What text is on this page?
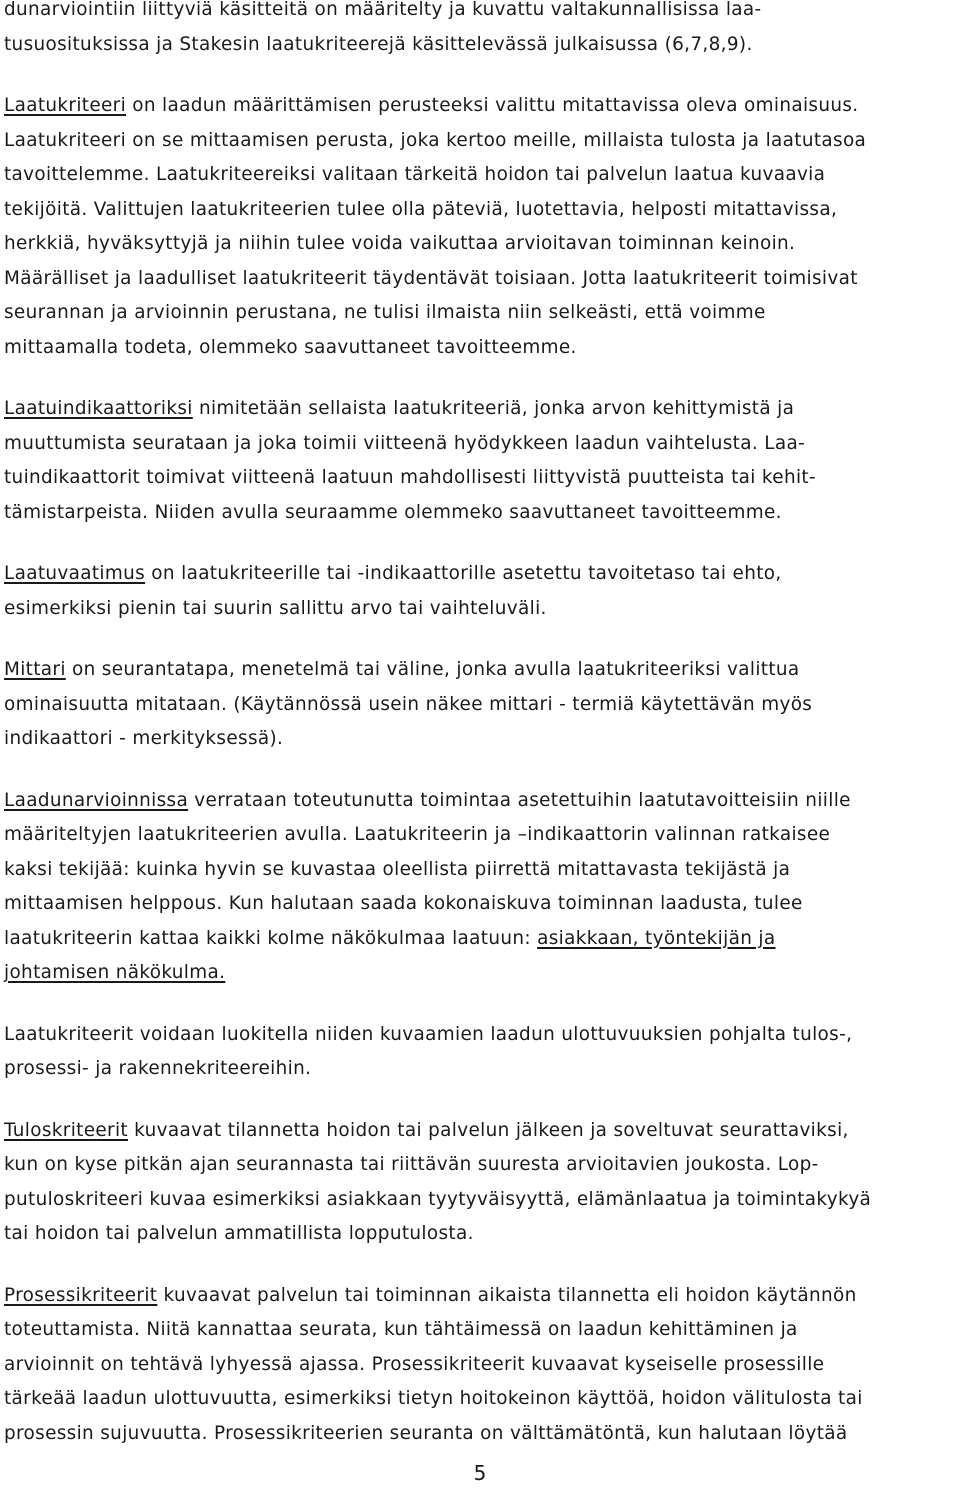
dunarviointiin liittyviä käsitteitä on määritelty ja kuvattu valtakunnallisissa laa-
tusuosituksissa ja Stakesin laatukriteerejä käsittelevässä julkaisussa (6,7,8,9).

Laatukriteeri on laadun määrittämisen perusteeksi valittu mitattavissa oleva ominaisuus.
Laatukriteeri on se mittaamisen perusta, joka kertoo meille, millaista tulosta ja laatutasoa
tavoittelemme. Laatukriteereiksi valitaan tärkeitä hoidon tai palvelun laatua kuvaavia
tekijöitä. Valittujen laatukriteerien tulee olla päteviä, luotettavia, helposti mitattavissa,
herkkiä, hyväksyttyjä ja niihin tulee voida vaikuttaa arvioitavan toiminnan keinoin.
Määrälliset ja laadulliset laatukriteerit täydentävät toisiaan. Jotta laatukriteerit toimisivat
seurannan ja arvioinnin perustana, ne tulisi ilmaista niin selkeästi, että voimme
mittaamalla todeta, olemmeko saavuttaneet tavoitteemme.

Laatuindikaattoriksi nimitetään sellaista laatukriteeriä, jonka arvon kehittymistä ja
muuttumista seurataan ja joka toimii viitteenä hyödykkeen laadun vaihtelusta. Laa-
tuindikaattorit toimivat viitteenä laatuun mahdollisesti liittyvistä puutteista tai kehit-
tämistarpeista. Niiden avulla seuraamme olemmeko saavuttaneet tavoitteemme.

Laatuvaatimus on laatukriteerille tai -indikaattorille asetettu tavoitetaso tai ehto,
esimerkiksi pienin tai suurin sallittu arvo tai vaihteluväli.

Mittari on seurantatapa, menetelmä tai väline, jonka avulla laatukriteeriksi valittua
ominaisuutta mitataan. (Käytännössä usein näkee mittari - termiä käytettävän myös
indikaattori - merkityksessä).

Laadunarvioinnissa verrataan toteutunutta toimintaa asetettuihin laatutavoitteisiin niille
määriteltyjen laatukriteerien avulla. Laatukriteerin ja –indikaattorin valinnan ratkaisee
kaksi tekijää: kuinka hyvin se kuvastaa oleellista piirrettä mitattavasta tekijästä ja
mittaamisen helppous. Kun halutaan saada kokonaiskuva toiminnan laadusta, tulee
laatukriteerin kattaa kaikki kolme näkökulmaa laatuun: asiakkaan, työntekijän ja
johtamisen näkökulma.

Laatukriteerit voidaan luokitella niiden kuvaamien laadun ulottuvuuksien pohjalta tulos-,
prosessi- ja rakennekriteereihin.

Tuloskriteerit kuvaavat tilannetta hoidon tai palvelun jälkeen ja soveltuvat seurattaviksi,
kun on kyse pitkän ajan seurannasta tai riittävän suuresta arvioitavien joukosta. Lop-
putuloskriteeri kuvaa esimerkiksi asiakkaan tyytyväisyyttä, elämänlaatua ja toimintakykyä
tai hoidon tai palvelun ammatillista lopputulosta.

Prosessikriteerit kuvaavat palvelun tai toiminnan aikaista tilannetta eli hoidon käytännön
toteuttamista. Niitä kannattaa seurata, kun tähtäimessä on laadun kehittäminen ja
arvioinnit on tehtävä lyhyessä ajassa. Prosessikriteerit kuvaavat kyseiselle prosessille
tärkeää laadun ulottuvuutta, esimerkiksi tietyn hoitokeinon käyttöä, hoidon välitulosta tai
prosessin sujuvuutta. Prosessikriteerien seuranta on välttämätöntä, kun halutaan löytää

5
